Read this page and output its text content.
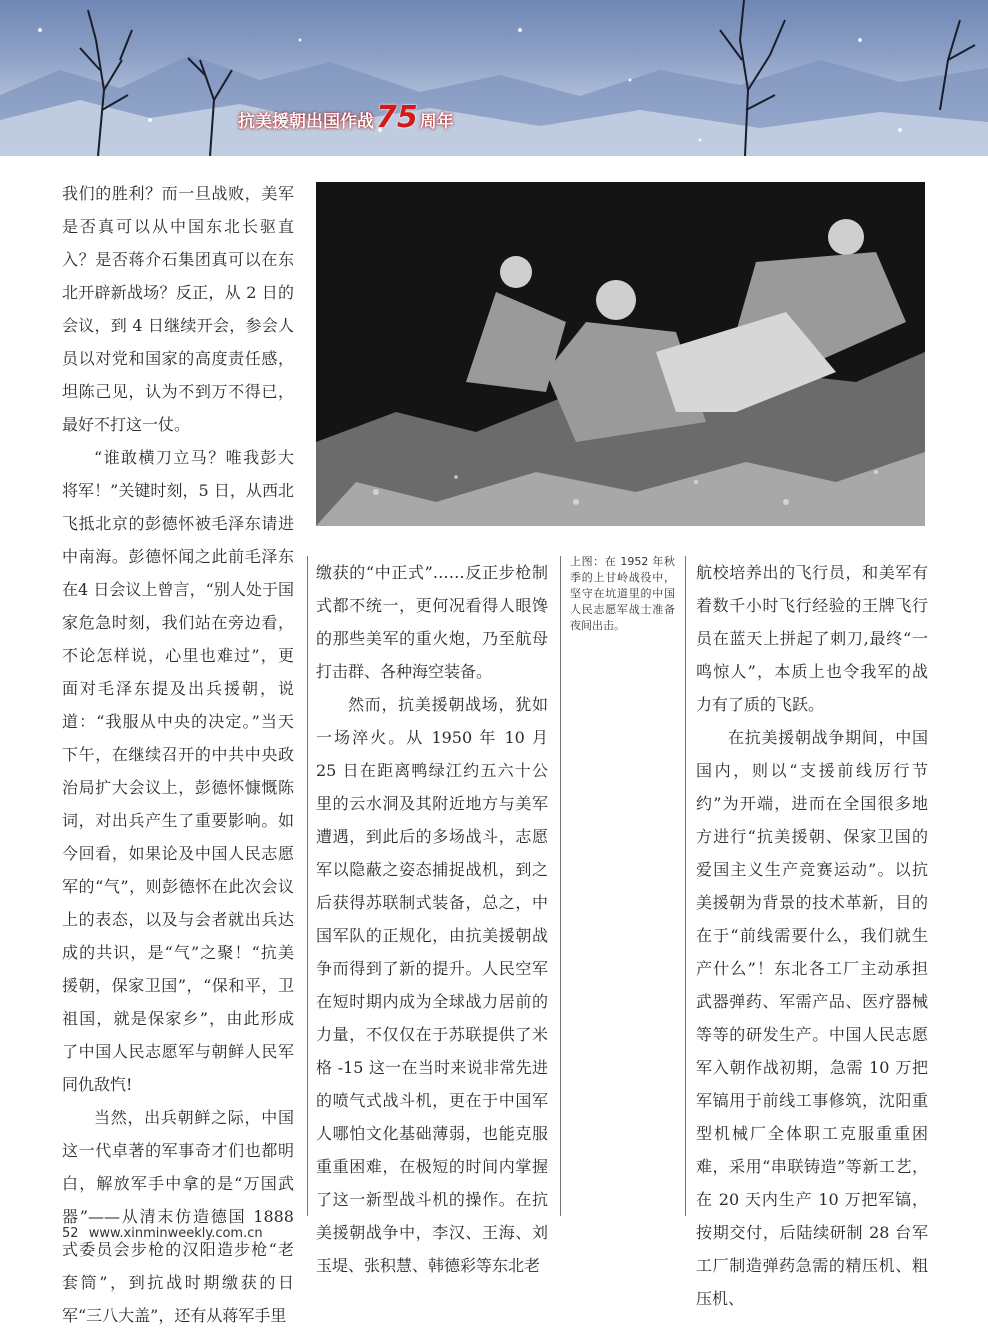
抗美援朝出国作战 75 周年

我们的胜利？而一旦战败，美军是否真可以从中国东北长驱直入？是否蒋介石集团真可以在东北开辟新战场？反正，从 2 日的会议，到 4 日继续开会，参会人员以对党和国家的高度责任感，坦陈己见，认为不到万不得已，最好不打这一仗。

“谁敢横刀立马？唯我彭大将军！”关键时刻，5 日，从西北飞抵北京的彭德怀被毛泽东请进中南海。彭德怀闻之此前毛泽东在4 日会议上曾言，“别人处于国家危急时刻，我们站在旁边看，不论怎样说，心里也难过”，更面对毛泽东提及出兵援朝，说道：“我服从中央的决定。”当天下午，在继续召开的中共中央政治局扩大会议上，彭德怀慷慨陈词，对出兵产生了重要影响。如今回看，如果论及中国人民志愿军的“气”，则彭德怀在此次会议上的表态，以及与会者就出兵达成的共识，是“气”之聚！“抗美援朝，保家卫国”，“保和平，卫祖国，就是保家乡”，由此形成了中国人民志愿军与朝鲜人民军同仇敌忾!

当然，出兵朝鲜之际，中国这一代卓著的军事奇才们也都明白，解放军手中拿的是“万国武器”——从清末仿造德国 1888 式委员会步枪的汉阳造步枪“老套筒”，到抗战时期缴获的日军“三八大盖”，还有从蒋军手里

缴获的“中正式”……反正步枪制式都不统一，更何况看得人眼馋的那些美军的重火炮，乃至航母打击群、各种海空装备。

然而，抗美援朝战场，犹如一场淬火。从 1950 年 10 月 25 日在距离鸭绿江约五六十公里的云水洞及其附近地方与美军遭遇，到此后的多场战斗，志愿军以隐蔽之姿态捕捉战机，到之后获得苏联制式装备，总之，中国军队的正规化，由抗美援朝战争而得到了新的提升。人民空军在短时期内成为全球战力居前的力量，不仅仅在于苏联提供了米格 -15 这一在当时来说非常先进的喷气式战斗机，更在于中国军人哪怕文化基础薄弱，也能克服重重困难，在极短的时间内掌握了这一新型战斗机的操作。在抗美援朝战争中，李汉、王海、刘玉堤、张积慧、韩德彩等东北老

上图：在 1952 年秋季的上甘岭战役中，坚守在坑道里的中国人民志愿军战士准备夜间出击。

航校培养出的飞行员，和美军有着数千小时飞行经验的王牌飞行员在蓝天上拼起了刺刀,最终“一鸣惊人”，本质上也令我军的战力有了质的飞跃。

在抗美援朝战争期间，中国国内，则以“支援前线厉行节约”为开端，进而在全国很多地方进行“抗美援朝、保家卫国的爱国主义生产竞赛运动”。以抗美援朝为背景的技术革新，目的在于“前线需要什么，我们就生产什么”！东北各工厂主动承担武器弹药、军需产品、医疗器械等等的研发生产。中国人民志愿军入朝作战初期，急需 10 万把军镐用于前线工事修筑，沈阳重型机械厂全体职工克服重重困难，采用“串联铸造”等新工艺，在 20 天内生产 10 万把军镐，按期交付，后陆续研制 28 台军工厂制造弹药急需的精压机、粗压机、

52 www.xinminweekly.com.cn
